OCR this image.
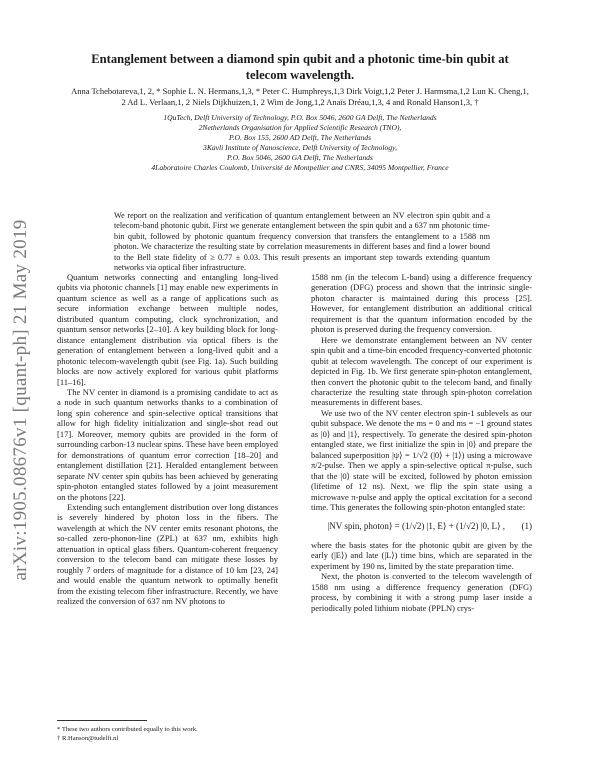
arXiv:1905.08676v1 [quant-ph] 21 May 2019
Entanglement between a diamond spin qubit and a photonic time-bin qubit at telecom wavelength.
Anna Tchebotareva,1, 2, * Sophie L. N. Hermans,1,3, * Peter C. Humphreys,1,3 Dirk Voigt,1,2 Peter J. Harmsma,1,2 Lun K. Cheng,1, 2 Ad L. Verlaan,1, 2 Niels Dijkhuizen,1, 2 Wim de Jong,1,2 Anaïs Dréau,1,3, 4 and Ronald Hanson1,3, †

1QuTech, Delft University of Technology, P.O. Box 5046, 2600 GA Delft, The Netherlands

2Netherlands Organisation for Applied Scientific Research (TNO),

P.O. Box 155, 2600 AD Delft, The Netherlands

3Kavli Institute of Nanoscience, Delft University of Technology,

P.O. Box 5046, 2600 GA Delft, The Netherlands

4Laboratoire Charles Coulomb, Université de Montpellier and CNRS, 34095 Montpellier, France

We report on the realization and verification of quantum entanglement between an NV electron spin qubit and a telecom-band photonic qubit. First we generate entanglement between the spin qubit and a 637 nm photonic time-bin qubit, followed by photonic quantum frequency conversion that transfers the entanglement to a 1588 nm photon. We characterize the resulting state by correlation measurements in different bases and find a lower bound to the Bell state fidelity of ≥ 0.77 ± 0.03. This result presents an important step towards extending quantum networks via optical fiber infrastructure.

Quantum networks connecting and entangling long-lived qubits via photonic channels [1] may enable new experiments in quantum science as well as a range of applications such as secure information exchange between multiple nodes, distributed quantum computing, clock synchronization, and quantum sensor networks [2–10]. A key building block for long-distance entanglement distribution via optical fibers is the generation of entanglement between a long-lived qubit and a photonic telecom-wavelength qubit (see Fig. 1a). Such building blocks are now actively explored for various qubit platforms [11–16].

The NV center in diamond is a promising candidate to act as a node in such quantum networks thanks to a combination of long spin coherence and spin-selective optical transitions that allow for high fidelity initialization and single-shot read out [17]. Moreover, memory qubits are provided in the form of surrounding carbon-13 nuclear spins. These have been employed for demonstrations of quantum error correction [18–20] and entanglement distillation [21]. Heralded entanglement between separate NV center spin qubits has been achieved by generating spin-photon entangled states followed by a joint measurement on the photons [22].

Extending such entanglement distribution over long distances is severely hindered by photon loss in the fibers. The wavelength at which the NV center emits resonant photons, the so-called zero-phonon-line (ZPL) at 637 nm, exhibits high attenuation in optical glass fibers. Quantum-coherent frequency conversion to the telecom band can mitigate these losses by roughly 7 orders of magnitude for a distance of 10 km [23, 24] and would enable the quantum network to optimally benefit from the existing telecom fiber infrastructure. Recently, we have realized the conversion of 637 nm NV photons to

1588 nm (in the telecom L-band) using a difference frequency generation (DFG) process and shown that the intrinsic single-photon character is maintained during this process [25]. However, for entanglement distribution an additional critical requirement is that the quantum information encoded by the photon is preserved during the frequency conversion.

Here we demonstrate entanglement between an NV center spin qubit and a time-bin encoded frequency-converted photonic qubit at telecom wavelength. The concept of our experiment is depicted in Fig. 1b. We first generate spin-photon entanglement, then convert the photonic qubit to the telecom band, and finally characterize the resulting state through spin-photon correlation measurements in different bases.

We use two of the NV center electron spin-1 sublevels as our qubit subspace. We denote the ms = 0 and ms = −1 ground states as |0⟩ and |1⟩, respectively. To generate the desired spin-photon entangled state, we first initialize the spin in |0⟩ and prepare the balanced superposition |ψ⟩ = 1/√2 (|0⟩ + |1⟩) using a microwave π/2-pulse. Then we apply a spin-selective optical π-pulse, such that the |0⟩ state will be excited, followed by photon emission (lifetime of 12 ns). Next, we flip the spin state using a microwave π-pulse and apply the optical excitation for a second time. This generates the following spin-photon entangled state:

|NV spin, photon⟩ = (1/√2) |1, E⟩ + (1/√2) |0, L⟩ ,	(1)

where the basis states for the photonic qubit are given by the early (|E⟩) and late (|L⟩) time bins, which are separated in the experiment by 190 ns, limited by the state preparation time.

Next, the photon is converted to the telecom wavelength of 1588 nm using a difference frequency generation (DFG) process, by combining it with a strong pump laser inside a periodically poled lithium niobate (PPLN) crys-

* These two authors contributed equally to this work.

† R.Hanson@tudelft.nl
